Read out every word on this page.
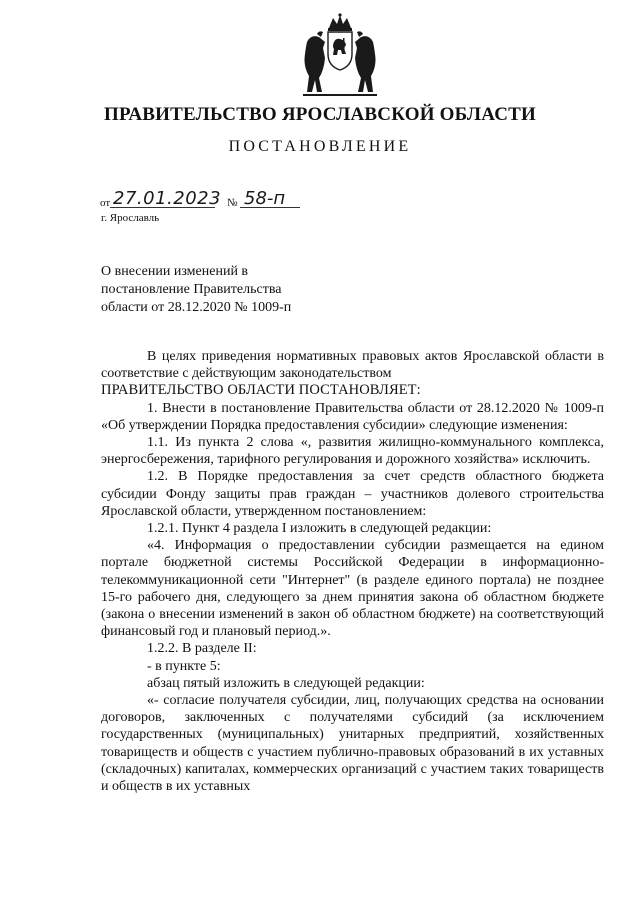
ПРАВИТЕЛЬСТВО ЯРОСЛАВСКОЙ ОБЛАСТИ
ПОСТАНОВЛЕНИЕ
от 27.01.2023 № 58-п
г. Ярославль
О внесении изменений в
постановление Правительства
области от 28.12.2020 № 1009-п

В целях приведения нормативных правовых актов Ярославской области в соответствие с действующим законодательством

ПРАВИТЕЛЬСТВО ОБЛАСТИ ПОСТАНОВЛЯЕТ:

1. Внести в постановление Правительства области от 28.12.2020 № 1009-п «Об утверждении Порядка предоставления субсидии» следующие изменения:

1.1. Из пункта 2 слова «, развития жилищно-коммунального комплекса, энергосбережения, тарифного регулирования и дорожного хозяйства» исключить.

1.2. В Порядке предоставления за счет средств областного бюджета субсидии Фонду защиты прав граждан – участников долевого строительства Ярославской области, утвержденном постановлением:

1.2.1. Пункт 4 раздела I изложить в следующей редакции:

«4. Информация о предоставлении субсидии размещается на едином портале бюджетной системы Российской Федерации в информационно-телекоммуникационной сети "Интернет" (в разделе единого портала) не позднее 15-го рабочего дня, следующего за днем принятия закона об областном бюджете (закона о внесении изменений в закон об областном бюджете) на соответствующий финансовый год и плановый период.».

1.2.2. В разделе II:

- в пункте 5:

абзац пятый изложить в следующей редакции:

«- согласие получателя субсидии, лиц, получающих средства на основании договоров, заключенных с получателями субсидий (за исключением государственных (муниципальных) унитарных предприятий, хозяйственных товариществ и обществ с участием публично-правовых образований в их уставных (складочных) капиталах, коммерческих организаций с участием таких товариществ и обществ в их уставных
